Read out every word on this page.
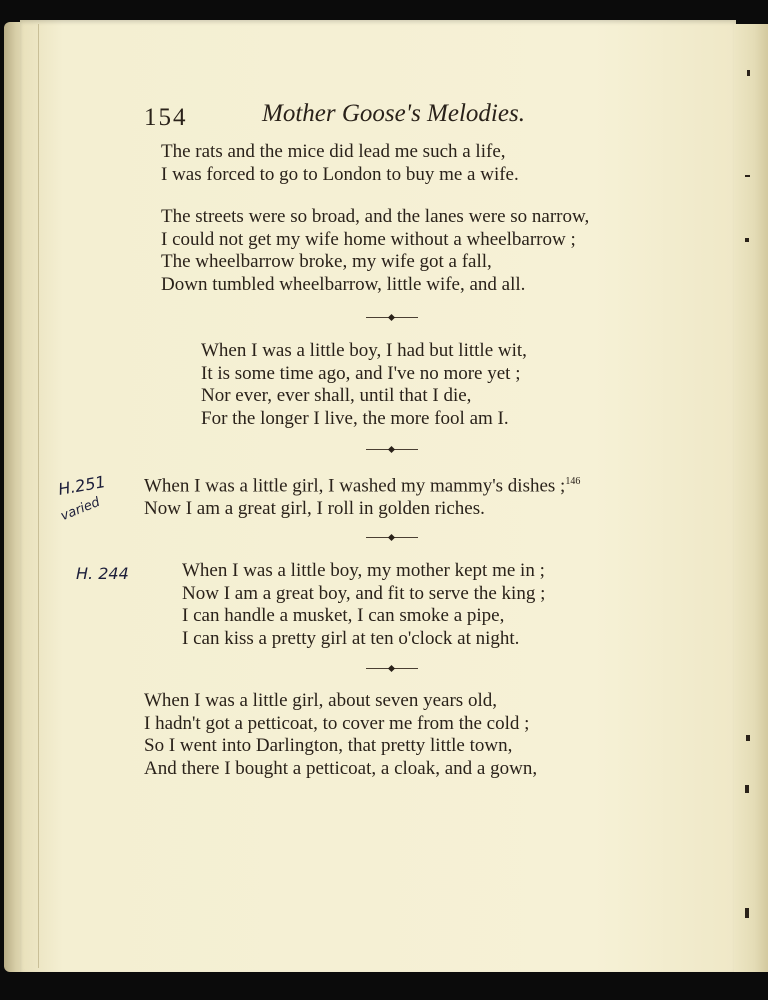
154	Mother Goose's Melodies.
The rats and the mice did lead me such a life,
I was forced to go to London to buy me a wife.
The streets were so broad, and the lanes were so narrow,
I could not get my wife home without a wheelbarrow ;
The wheelbarrow broke, my wife got a fall,
Down tumbled wheelbarrow, little wife, and all.
When I was a little boy, I had but little wit,
It is some time ago, and I've no more yet ;
Nor ever, ever shall, until that I die,
For the longer I live, the more fool am I.
When I was a little girl, I washed my mammy's dishes ;$^{146}$
Now I am a great girl, I roll in golden riches.
When I was a little boy, my mother kept me in ;
Now I am a great boy, and fit to serve the king ;
I can handle a musket, I can smoke a pipe,
I can kiss a pretty girl at ten o'clock at night.
When I was a little girl, about seven years old,
I hadn't got a petticoat, to cover me from the cold ;
So I went into Darlington, that pretty little town,
And there I bought a petticoat, a cloak, and a gown,
H.251
varied
H. 244
